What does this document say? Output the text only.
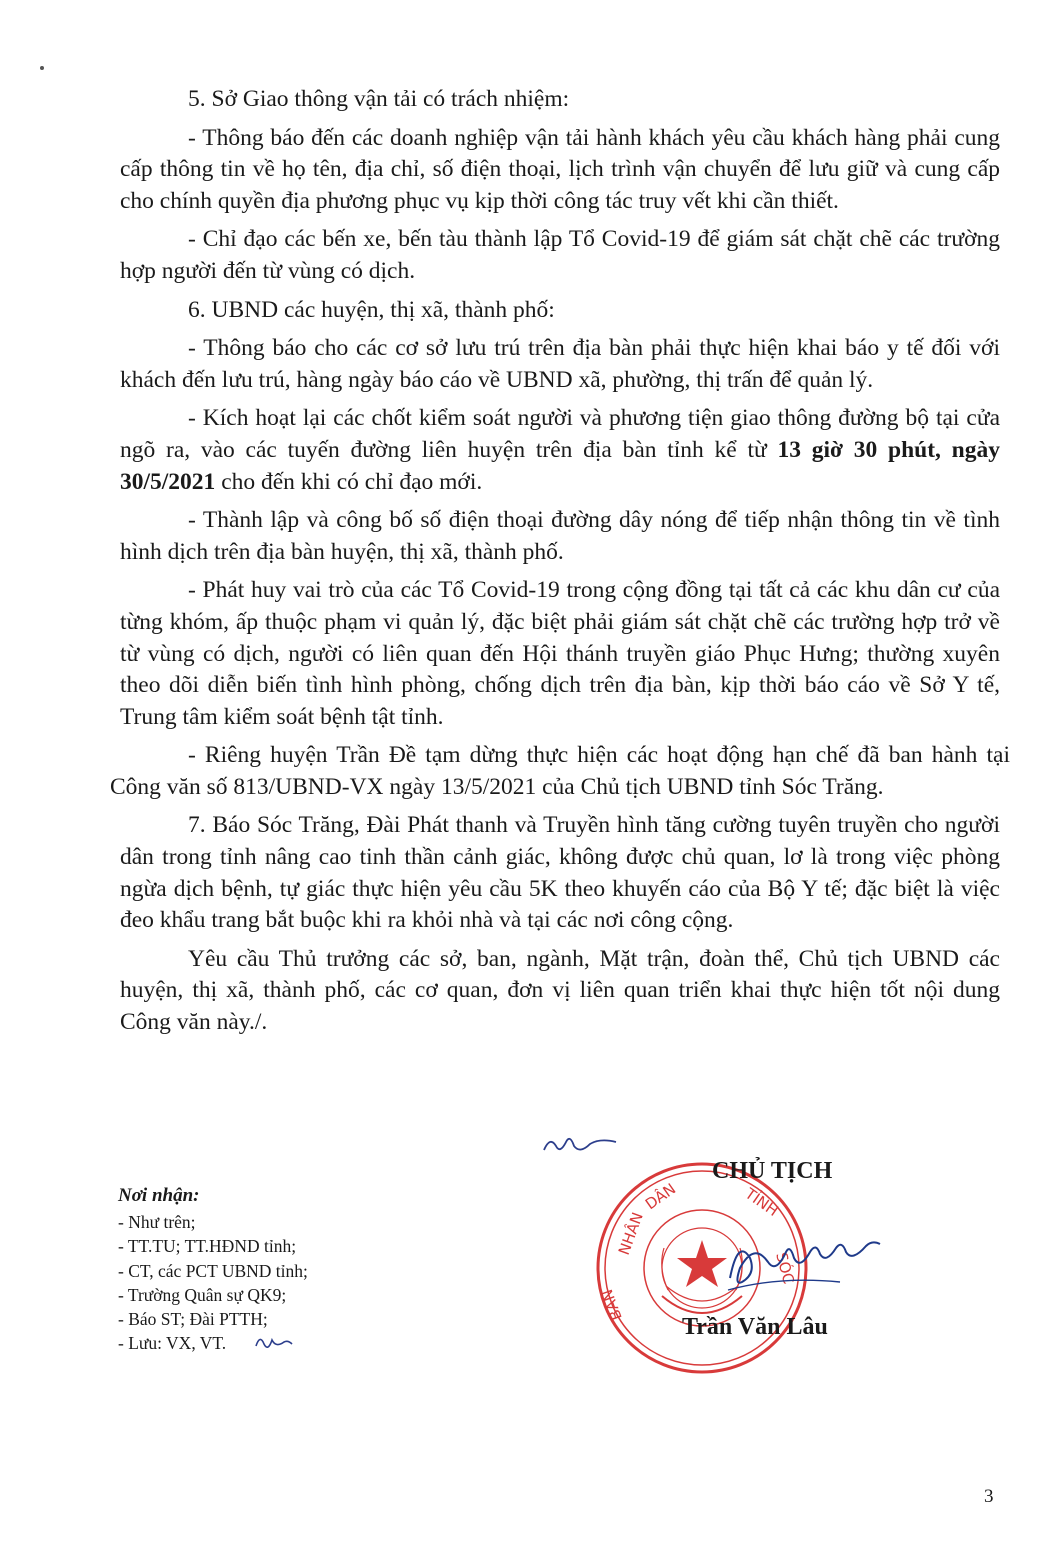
5. Sở Giao thông vận tải có trách nhiệm:

- Thông báo đến các doanh nghiệp vận tải hành khách yêu cầu khách hàng phải cung cấp thông tin về họ tên, địa chỉ, số điện thoại, lịch trình vận chuyển để lưu giữ và cung cấp cho chính quyền địa phương phục vụ kịp thời công tác truy vết khi cần thiết.

- Chỉ đạo các bến xe, bến tàu thành lập Tổ Covid-19 để giám sát chặt chẽ các trường hợp người đến từ vùng có dịch.

6. UBND các huyện, thị xã, thành phố:

- Thông báo cho các cơ sở lưu trú trên địa bàn phải thực hiện khai báo y tế đối với khách đến lưu trú, hàng ngày báo cáo về UBND xã, phường, thị trấn để quản lý.

- Kích hoạt lại các chốt kiểm soát người và phương tiện giao thông đường bộ tại cửa ngõ ra, vào các tuyến đường liên huyện trên địa bàn tỉnh kể từ 13 giờ 30 phút, ngày 30/5/2021 cho đến khi có chỉ đạo mới.

- Thành lập và công bố số điện thoại đường dây nóng để tiếp nhận thông tin về tình hình dịch trên địa bàn huyện, thị xã, thành phố.

- Phát huy vai trò của các Tổ Covid-19 trong cộng đồng tại tất cả các khu dân cư của từng khóm, ấp thuộc phạm vi quản lý, đặc biệt phải giám sát chặt chẽ các trường hợp trở về từ vùng có dịch, người có liên quan đến Hội thánh truyền giáo Phục Hưng; thường xuyên theo dõi diễn biến tình hình phòng, chống dịch trên địa bàn, kịp thời báo cáo về Sở Y tế, Trung tâm kiểm soát bệnh tật tỉnh.

- Riêng huyện Trần Đề tạm dừng thực hiện các hoạt động hạn chế đã ban hành tại Công văn số 813/UBND-VX ngày 13/5/2021 của Chủ tịch UBND tỉnh Sóc Trăng.

7. Báo Sóc Trăng, Đài Phát thanh và Truyền hình tăng cường tuyên truyền cho người dân trong tỉnh nâng cao tinh thần cảnh giác, không được chủ quan, lơ là trong việc phòng ngừa dịch bệnh, tự giác thực hiện yêu cầu 5K theo khuyến cáo của Bộ Y tế; đặc biệt là việc đeo khẩu trang bắt buộc khi ra khỏi nhà và tại các nơi công cộng.

Yêu cầu Thủ trưởng các sở, ban, ngành, Mặt trận, đoàn thể, Chủ tịch UBND các huyện, thị xã, thành phố, các cơ quan, đơn vị liên quan triển khai thực hiện tốt nội dung Công văn này./.

Nơi nhận:
- Như trên;
- TT.TU; TT.HĐND tỉnh;
- CT, các PCT UBND tỉnh;
- Trường Quân sự QK9;
- Báo ST; Đài PTTH;
- Lưu: VX, VT.
DÂN
NHÂN
BAN
TỈNH
SÓC
CHỦ TỊCH
Trần Văn Lâu
3
